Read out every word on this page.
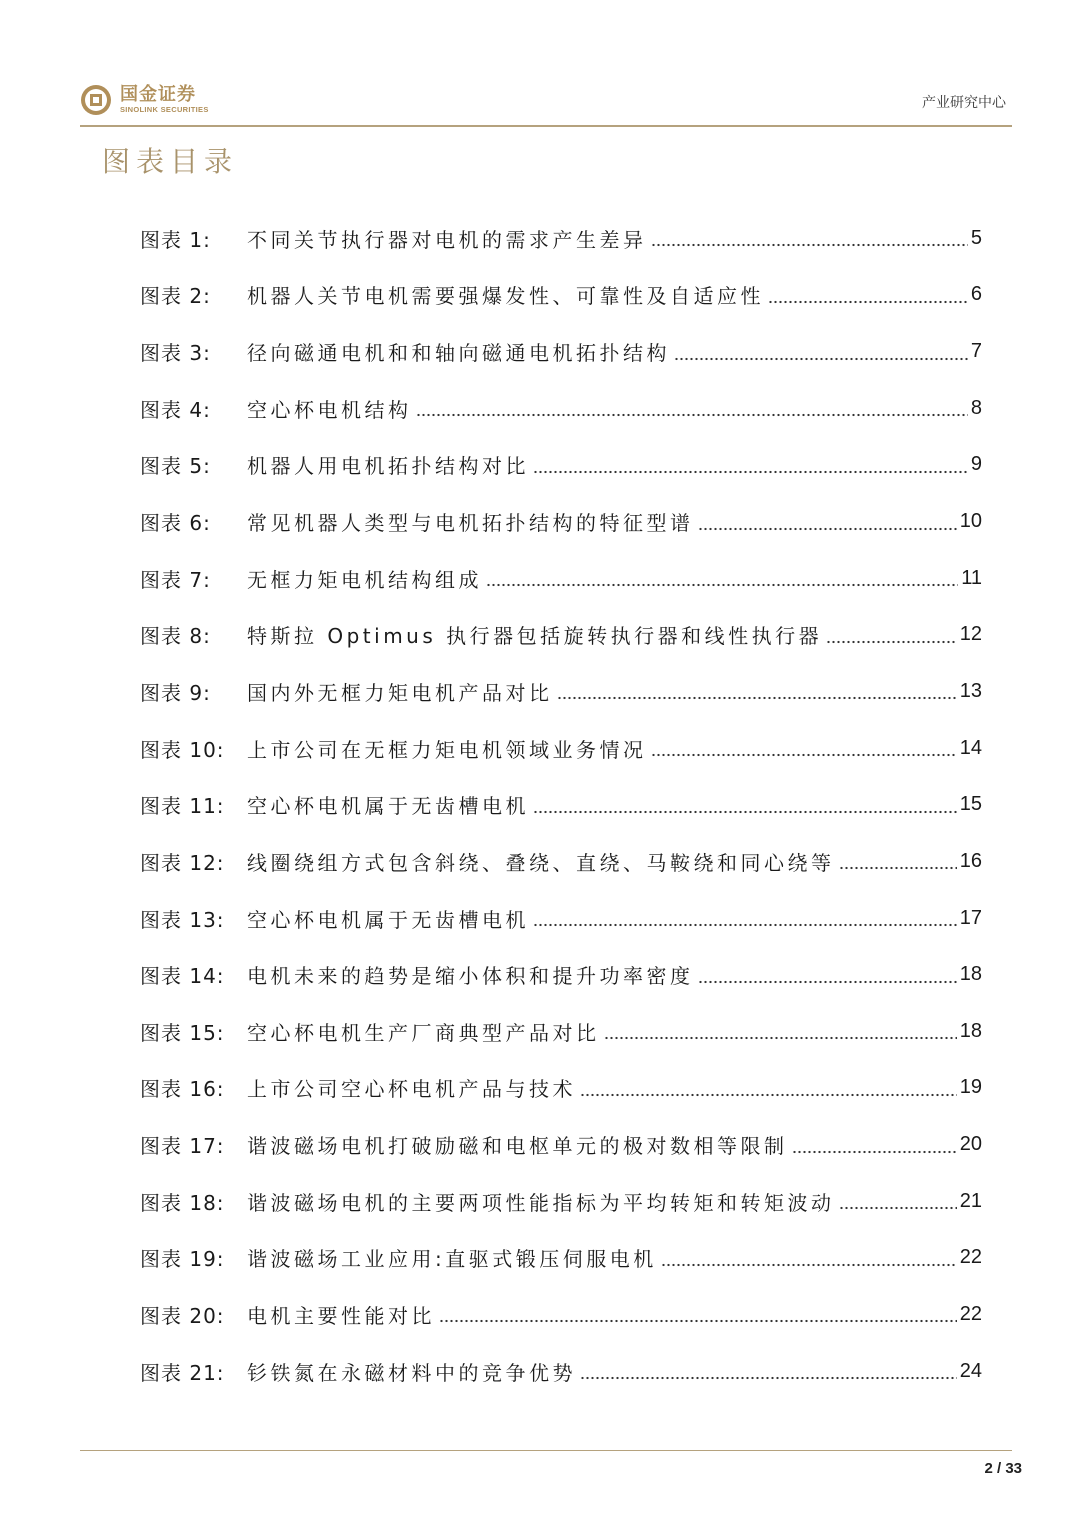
国金证券
SINOLINK SECURITIES	产业研究中心
图表目录
图表 1:	不同关节执行器对电机的需求产生差异	5
图表 2:	机器人关节电机需要强爆发性、可靠性及自适应性	6
图表 3:	径向磁通电机和和轴向磁通电机拓扑结构	7
图表 4:	空心杯电机结构	8
图表 5:	机器人用电机拓扑结构对比	9
图表 6:	常见机器人类型与电机拓扑结构的特征型谱	10
图表 7:	无框力矩电机结构组成	11
图表 8:	特斯拉 Optimus 执行器包括旋转执行器和线性执行器	12
图表 9:	国内外无框力矩电机产品对比	13
图表 10:	上市公司在无框力矩电机领域业务情况	14
图表 11:	空心杯电机属于无齿槽电机	15
图表 12:	线圈绕组方式包含斜绕、叠绕、直绕、马鞍绕和同心绕等	16
图表 13:	空心杯电机属于无齿槽电机	17
图表 14:	电机未来的趋势是缩小体积和提升功率密度	18
图表 15:	空心杯电机生产厂商典型产品对比	18
图表 16:	上市公司空心杯电机产品与技术	19
图表 17:	谐波磁场电机打破励磁和电枢单元的极对数相等限制	20
图表 18:	谐波磁场电机的主要两项性能指标为平均转矩和转矩波动	21
图表 19:	谐波磁场工业应用:直驱式锻压伺服电机	22
图表 20:	电机主要性能对比	22
图表 21:	钐铁氮在永磁材料中的竞争优势	24
2 / 33
